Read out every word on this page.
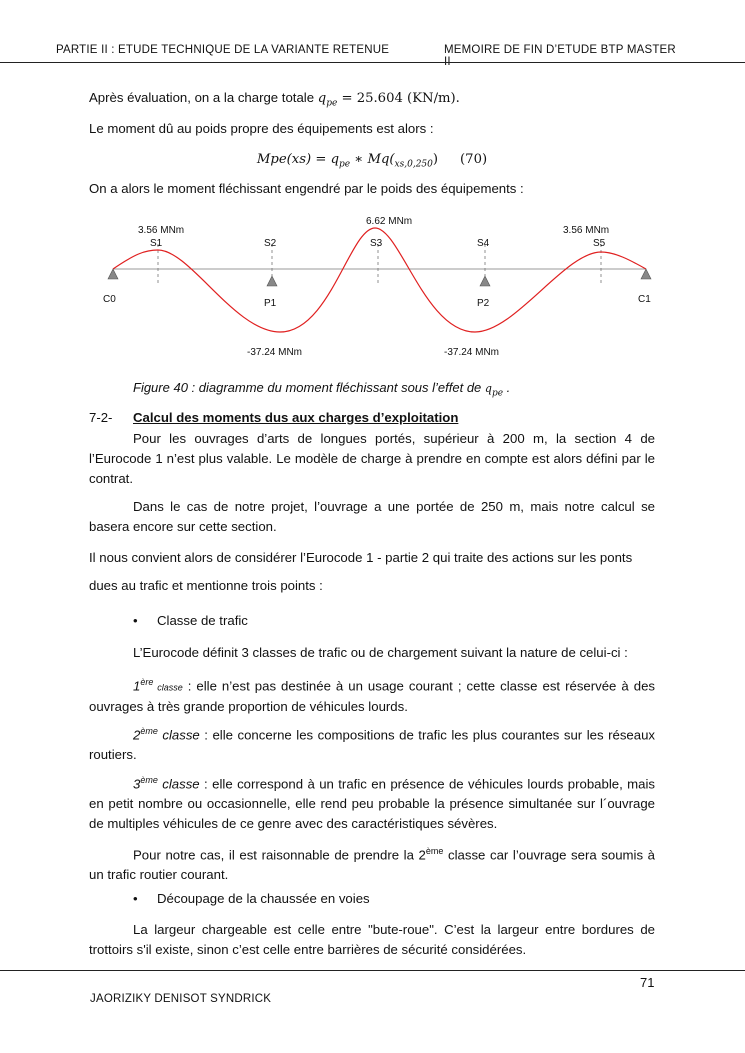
PARTIE II : ETUDE TECHNIQUE DE LA VARIANTE RETENUE	MEMOIRE DE FIN D’ETUDE BTP MASTER

Après évaluation, on a la charge totale $q_{pe} = 25.604$ (KN/m).

Le moment dû au poids propre des équipements est alors :

$Mpe(xs) = q_{pe}$ ∗ $Mq(_{xs,0,250})$ (70)

On a alors le moment fléchissant engendré par le poids des équipements :

C0	P1	P2	C1
S1	S2	S3	S4	S5
3.56 MNm
6.62 MNm
3.56 MNm
-37.24 MNm	-37.24 MNm
Figure 40 : diagramme du moment fléchissant sous l’effet de $q_{pe}$ .
7-2- Calcul des moments dus aux charges d’exploitation

Pour les ouvrages d’arts de longues portés, supérieur à 200 m, la section 4 de l’Eurocode 1 n’est plus valable. Le modèle de charge à prendre en compte est alors défini par le contrat.

Dans le cas de notre projet, l’ouvrage a une portée de 250 m, mais notre calcul se basera encore sur cette section.

Il nous convient alors de considérer l’Eurocode 1 - partie 2 qui traite des actions sur les ponts

dues au trafic et mentionne trois points :

• Classe de trafic

L’Eurocode définit 3 classes de trafic ou de chargement suivant la nature de celui-ci :

1ère classe : elle n’est pas destinée à un usage courant ; cette classe est réservée à des ouvrages à très grande proportion de véhicules lourds.

2ème classe : elle concerne les compositions de trafic les plus courantes sur les réseaux routiers.

3ème classe : elle correspond à un trafic en présence de véhicules lourds probable, mais en petit nombre ou occasionnelle, elle rend peu probable la présence simultanée sur l´ouvrage de multiples véhicules de ce genre avec des caractéristiques sévères.

Pour notre cas, il est raisonnable de prendre la 2ème classe car l’ouvrage sera soumis à un trafic routier courant.

• Découpage de la chaussée en voies

La largeur chargeable est celle entre "bute-roue". C’est la largeur entre bordures de trottoirs s'il existe, sinon c’est celle entre barrières de sécurité considérées.

71
JAORIZIKY DENISOT SYNDRICK
